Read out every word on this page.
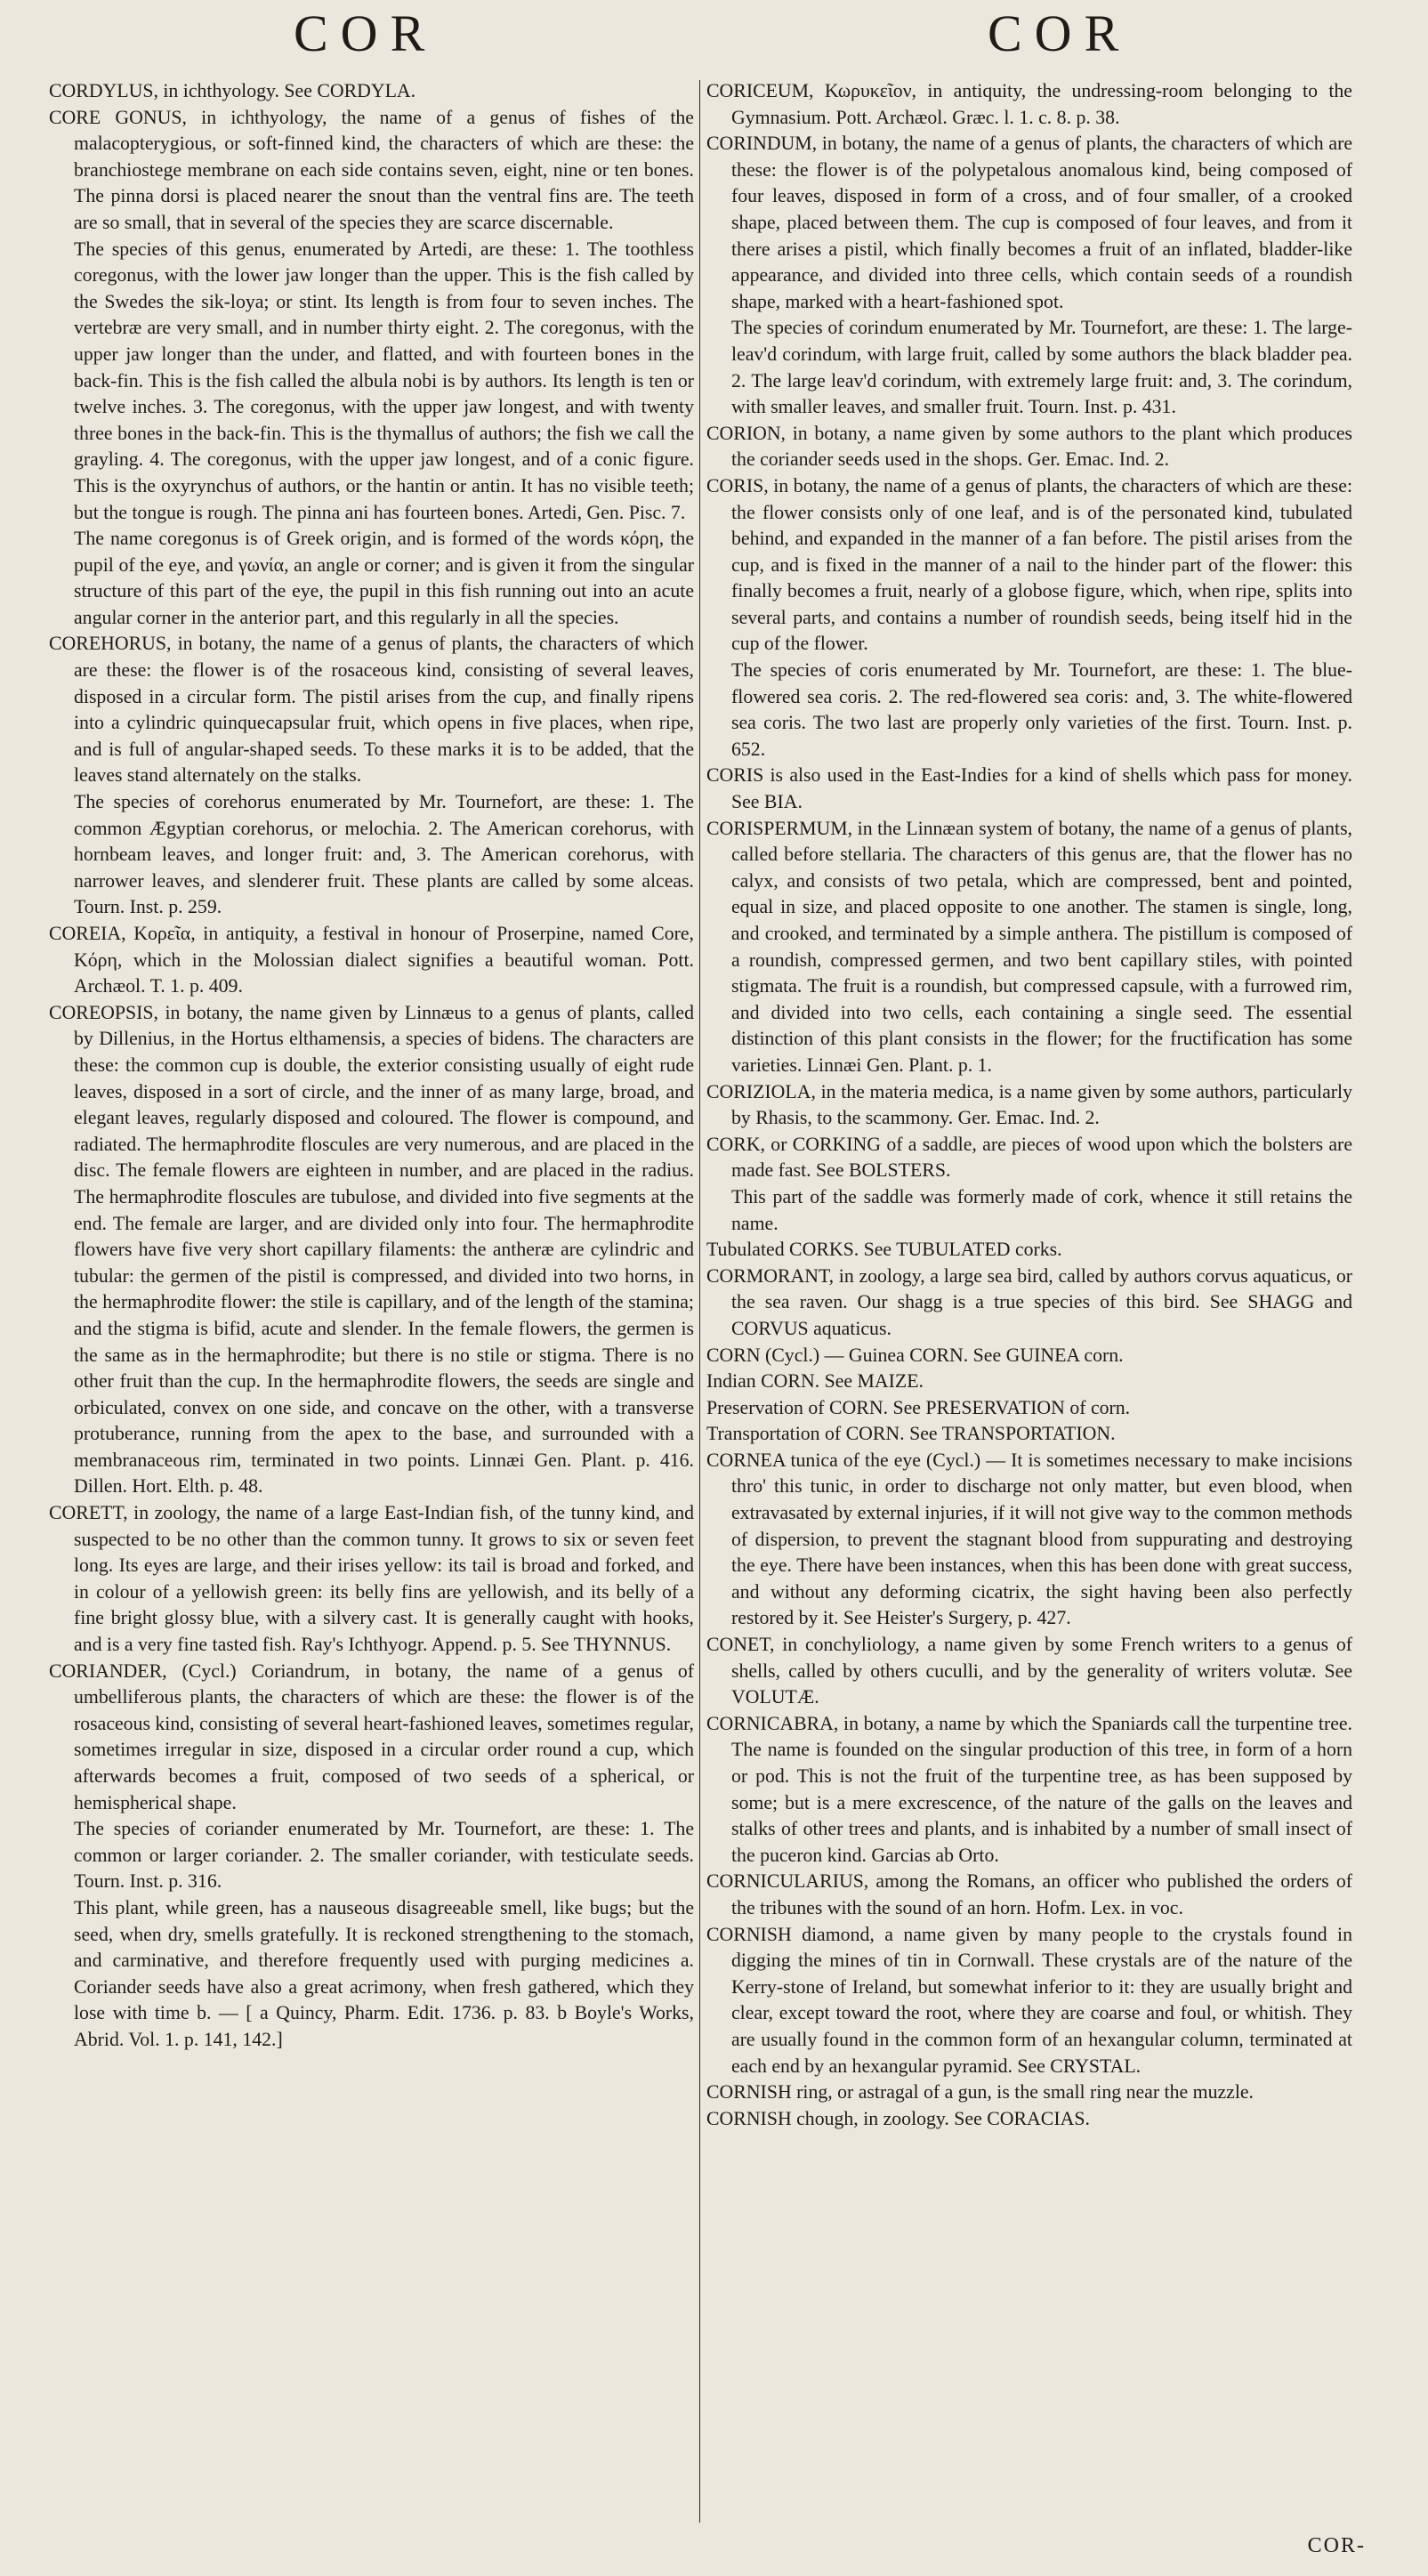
COR	COR

CORDYLUS, in ichthyology. See CORDYLA.

CORE GONUS, in ichthyology, the name of a genus of fishes of the malacopterygious, or soft-finned kind, the characters of which are these: the branchiostege membrane on each side contains seven, eight, nine or ten bones. The pinna dorsi is placed nearer the snout than the ventral fins are. The teeth are so small, that in several of the species they are scarce discernable.

The species of this genus, enumerated by Artedi, are these: 1. The toothless coregonus, with the lower jaw longer than the upper. This is the fish called by the Swedes the sik-loya; or stint. Its length is from four to seven inches. The vertebræ are very small, and in number thirty eight. 2. The coregonus, with the upper jaw longer than the under, and flatted, and with fourteen bones in the back-fin. This is the fish called the albula nobi is by authors. Its length is ten or twelve inches. 3. The coregonus, with the upper jaw longest, and with twenty three bones in the back-fin. This is the thymallus of authors; the fish we call the grayling. 4. The coregonus, with the upper jaw longest, and of a conic figure. This is the oxyrynchus of authors, or the hantin or antin. It has no visible teeth; but the tongue is rough. The pinna ani has fourteen bones. Artedi, Gen. Pisc. 7.

The name coregonus is of Greek origin, and is formed of the words κόρη, the pupil of the eye, and γωνία, an angle or corner; and is given it from the singular structure of this part of the eye, the pupil in this fish running out into an acute angular corner in the anterior part, and this regularly in all the species.

COREHORUS, in botany, the name of a genus of plants, the characters of which are these: the flower is of the rosaceous kind, consisting of several leaves, disposed in a circular form. The pistil arises from the cup, and finally ripens into a cylindric quinquecapsular fruit, which opens in five places, when ripe, and is full of angular-shaped seeds. To these marks it is to be added, that the leaves stand alternately on the stalks.

The species of corehorus enumerated by Mr. Tournefort, are these: 1. The common Ægyptian corehorus, or melochia. 2. The American corehorus, with hornbeam leaves, and longer fruit: and, 3. The American corehorus, with narrower leaves, and slenderer fruit. These plants are called by some alceas. Tourn. Inst. p. 259.

COREIA, Κορεῖα, in antiquity, a festival in honour of Proserpine, named Core, Κόρη, which in the Molossian dialect signifies a beautiful woman. Pott. Archæol. T. 1. p. 409.

COREOPSIS, in botany, the name given by Linnæus to a genus of plants, called by Dillenius, in the Hortus elthamensis, a species of bidens. The characters are these: the common cup is double, the exterior consisting usually of eight rude leaves, disposed in a sort of circle, and the inner of as many large, broad, and elegant leaves, regularly disposed and coloured. The flower is compound, and radiated. The hermaphrodite floscules are very numerous, and are placed in the disc. The female flowers are eighteen in number, and are placed in the radius. The hermaphrodite floscules are tubulose, and divided into five segments at the end. The female are larger, and are divided only into four. The hermaphrodite flowers have five very short capillary filaments: the antheræ are cylindric and tubular: the germen of the pistil is compressed, and divided into two horns, in the hermaphrodite flower: the stile is capillary, and of the length of the stamina; and the stigma is bifid, acute and slender. In the female flowers, the germen is the same as in the hermaphrodite; but there is no stile or stigma. There is no other fruit than the cup. In the hermaphrodite flowers, the seeds are single and orbiculated, convex on one side, and concave on the other, with a transverse protuberance, running from the apex to the base, and surrounded with a membranaceous rim, terminated in two points. Linnæi Gen. Plant. p. 416. Dillen. Hort. Elth. p. 48.

CORETT, in zoology, the name of a large East-Indian fish, of the tunny kind, and suspected to be no other than the common tunny. It grows to six or seven feet long. Its eyes are large, and their irises yellow: its tail is broad and forked, and in colour of a yellowish green: its belly fins are yellowish, and its belly of a fine bright glossy blue, with a silvery cast. It is generally caught with hooks, and is a very fine tasted fish. Ray's Ichthyogr. Append. p. 5. See THYNNUS.

CORIANDER, (Cycl.) Coriandrum, in botany, the name of a genus of umbelliferous plants, the characters of which are these: the flower is of the rosaceous kind, consisting of several heart-fashioned leaves, sometimes regular, sometimes irregular in size, disposed in a circular order round a cup, which afterwards becomes a fruit, composed of two seeds of a spherical, or hemispherical shape.

The species of coriander enumerated by Mr. Tournefort, are these: 1. The common or larger coriander. 2. The smaller coriander, with testiculate seeds. Tourn. Inst. p. 316.

This plant, while green, has a nauseous disagreeable smell, like bugs; but the seed, when dry, smells gratefully. It is reckoned strengthening to the stomach, and carminative, and therefore frequently used with purging medicines a. Coriander seeds have also a great acrimony, when fresh gathered, which they lose with time b. — [ a Quincy, Pharm. Edit. 1736. p. 83. b Boyle's Works, Abrid. Vol. 1. p. 141, 142.]

CORICEUM, Κωρυκεῖον, in antiquity, the undressing-room belonging to the Gymnasium. Pott. Archæol. Græc. l. 1. c. 8. p. 38.

CORINDUM, in botany, the name of a genus of plants, the characters of which are these: the flower is of the polypetalous anomalous kind, being composed of four leaves, disposed in form of a cross, and of four smaller, of a crooked shape, placed between them. The cup is composed of four leaves, and from it there arises a pistil, which finally becomes a fruit of an inflated, bladder-like appearance, and divided into three cells, which contain seeds of a roundish shape, marked with a heart-fashioned spot.

The species of corindum enumerated by Mr. Tournefort, are these: 1. The large-leav'd corindum, with large fruit, called by some authors the black bladder pea. 2. The large leav'd corindum, with extremely large fruit: and, 3. The corindum, with smaller leaves, and smaller fruit. Tourn. Inst. p. 431.

CORION, in botany, a name given by some authors to the plant which produces the coriander seeds used in the shops. Ger. Emac. Ind. 2.

CORIS, in botany, the name of a genus of plants, the characters of which are these: the flower consists only of one leaf, and is of the personated kind, tubulated behind, and expanded in the manner of a fan before. The pistil arises from the cup, and is fixed in the manner of a nail to the hinder part of the flower: this finally becomes a fruit, nearly of a globose figure, which, when ripe, splits into several parts, and contains a number of roundish seeds, being itself hid in the cup of the flower.

The species of coris enumerated by Mr. Tournefort, are these: 1. The blue-flowered sea coris. 2. The red-flowered sea coris: and, 3. The white-flowered sea coris. The two last are properly only varieties of the first. Tourn. Inst. p. 652.

CORIS is also used in the East-Indies for a kind of shells which pass for money. See BIA.

CORISPERMUM, in the Linnæan system of botany, the name of a genus of plants, called before stellaria. The characters of this genus are, that the flower has no calyx, and consists of two petala, which are compressed, bent and pointed, equal in size, and placed opposite to one another. The stamen is single, long, and crooked, and terminated by a simple anthera. The pistillum is composed of a roundish, compressed germen, and two bent capillary stiles, with pointed stigmata. The fruit is a roundish, but compressed capsule, with a furrowed rim, and divided into two cells, each containing a single seed. The essential distinction of this plant consists in the flower; for the fructification has some varieties. Linnæi Gen. Plant. p. 1.

CORIZIOLA, in the materia medica, is a name given by some authors, particularly by Rhasis, to the scammony. Ger. Emac. Ind. 2.

CORK, or CORKING of a saddle, are pieces of wood upon which the bolsters are made fast. See BOLSTERS.

This part of the saddle was formerly made of cork, whence it still retains the name.

Tubulated CORKS. See TUBULATED corks.

CORMORANT, in zoology, a large sea bird, called by authors corvus aquaticus, or the sea raven. Our shagg is a true species of this bird. See SHAGG and CORVUS aquaticus.

CORN (Cycl.) — Guinea CORN. See GUINEA corn.

Indian CORN. See MAIZE.

Preservation of CORN. See PRESERVATION of corn.

Transportation of CORN. See TRANSPORTATION.

CORNEA tunica of the eye (Cycl.) — It is sometimes necessary to make incisions thro' this tunic, in order to discharge not only matter, but even blood, when extravasated by external injuries, if it will not give way to the common methods of dispersion, to prevent the stagnant blood from suppurating and destroying the eye. There have been instances, when this has been done with great success, and without any deforming cicatrix, the sight having been also perfectly restored by it. See Heister's Surgery, p. 427.

CONET, in conchyliology, a name given by some French writers to a genus of shells, called by others cuculli, and by the generality of writers volutæ. See VOLUTÆ.

CORNICABRA, in botany, a name by which the Spaniards call the turpentine tree. The name is founded on the singular production of this tree, in form of a horn or pod. This is not the fruit of the turpentine tree, as has been supposed by some; but is a mere excrescence, of the nature of the galls on the leaves and stalks of other trees and plants, and is inhabited by a number of small insect of the puceron kind. Garcias ab Orto.

CORNICULARIUS, among the Romans, an officer who published the orders of the tribunes with the sound of an horn. Hofm. Lex. in voc.

CORNISH diamond, a name given by many people to the crystals found in digging the mines of tin in Cornwall. These crystals are of the nature of the Kerry-stone of Ireland, but somewhat inferior to it: they are usually bright and clear, except toward the root, where they are coarse and foul, or whitish. They are usually found in the common form of an hexangular column, terminated at each end by an hexangular pyramid. See CRYSTAL.

CORNISH ring, or astragal of a gun, is the small ring near the muzzle.

CORNISH chough, in zoology. See CORACIAS.

COR-
